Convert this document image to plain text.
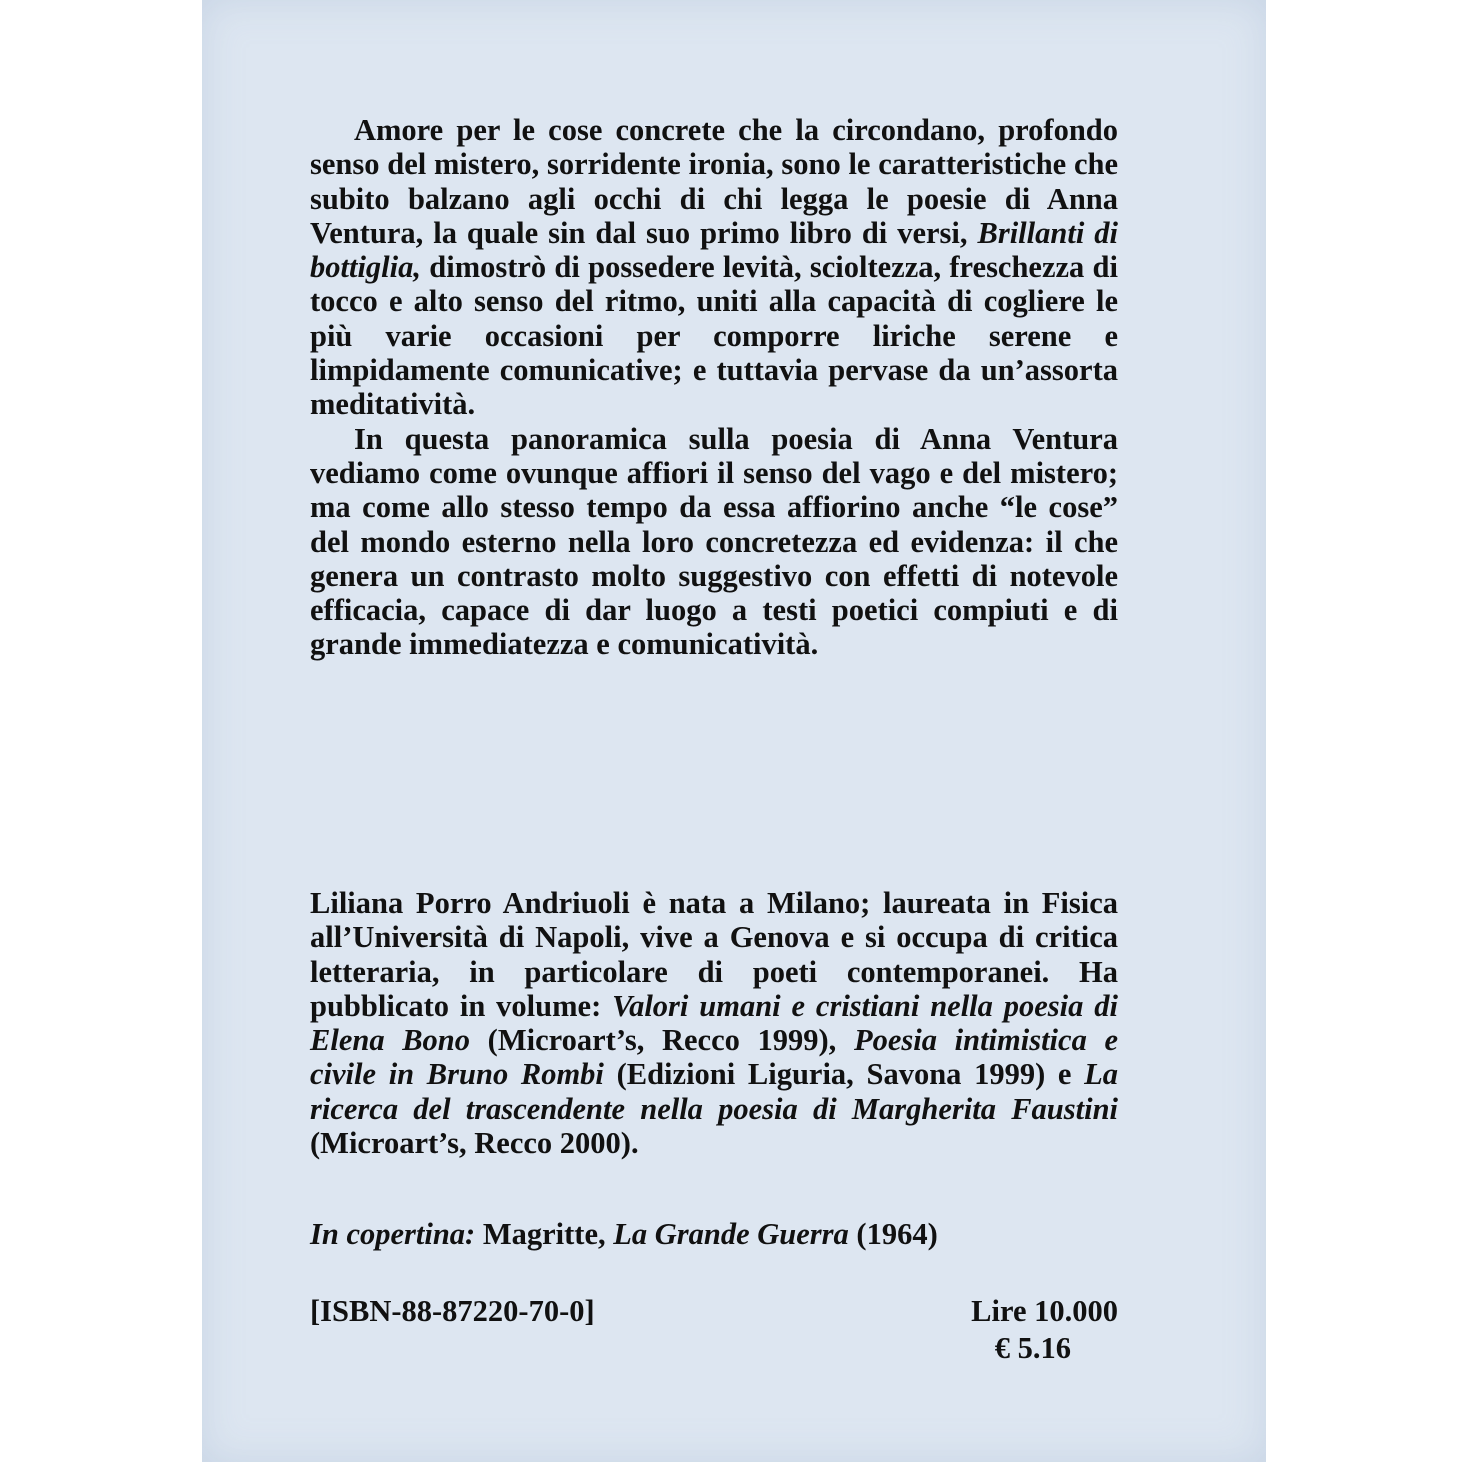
Amore per le cose concrete che la circondano, profondo senso del mistero, sorridente ironia, sono le caratteristiche che subito balzano agli occhi di chi legga le poesie di Anna Ventura, la quale sin dal suo primo libro di versi, Brillanti di bottiglia, dimostrò di possedere levità, scioltezza, freschezza di tocco e alto senso del ritmo, uniti alla capacità di cogliere le più varie occasioni per comporre liriche serene e limpidamente comunicative; e tuttavia pervase da un’assorta meditatività.

In questa panoramica sulla poesia di Anna Ventura vediamo come ovunque affiori il senso del vago e del mistero; ma come allo stesso tempo da essa affiorino anche “le cose” del mondo esterno nella loro concretezza ed evidenza: il che genera un contrasto molto suggestivo con effetti di notevole efficacia, capace di dar luogo a testi poetici compiuti e di grande immediatezza e comunicatività.

Liliana Porro Andriuoli è nata a Milano; laureata in Fisica all’Università di Napoli, vive a Genova e si occupa di critica letteraria, in particolare di poeti contemporanei. Ha pubblicato in volume: Valori umani e cristiani nella poesia di Elena Bono (Microart’s, Recco 1999), Poesia intimistica e civile in Bruno Rombi (Edizioni Liguria, Savona 1999) e La ricerca del trascendente nella poesia di Margherita Faustini (Microart’s, Recco 2000).

In copertina: Magritte, La Grande Guerra (1964)
[ISBN-88-87220-70-0]	Lire 10.000
€ 5.16
